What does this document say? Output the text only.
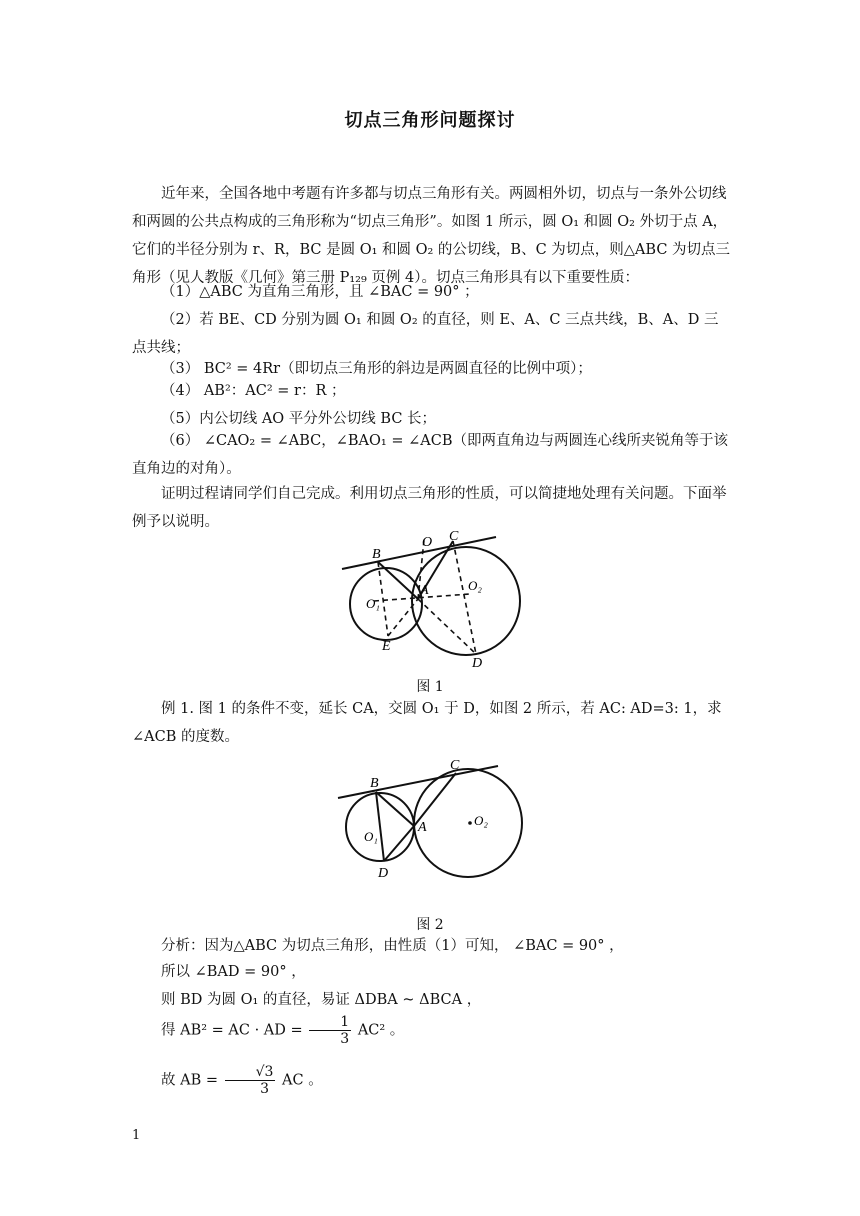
切点三角形问题探讨
近年来，全国各地中考题有许多都与切点三角形有关。两圆相外切，切点与一条外公切线和两圆的公共点构成的三角形称为“切点三角形”。如图 1 所示，圆 O₁ 和圆 O₂ 外切于点 A，它们的半径分别为 r、R，BC 是圆 O₁ 和圆 O₂ 的公切线，B、C 为切点，则△ABC 为切点三角形（见人教版《几何》第三册 P₁₂₉ 页例 4）。切点三角形具有以下重要性质：
（1）△ABC 为直角三角形，且 ∠BAC = 90° ；
（2）若 BE、CD 分别为圆 O₁ 和圆 O₂ 的直径，则 E、A、C 三点共线，B、A、D 三点共线；
（3） BC² = 4Rr（即切点三角形的斜边是两圆直径的比例中项）；
（4） AB²：AC² = r：R ；
（5）内公切线 AO 平分外公切线 BC 长；
（6） ∠CAO₂ = ∠ABC，∠BAO₁ = ∠ACB（即两直角边与两圆连心线所夹锐角等于该直角边的对角）。
证明过程请同学们自己完成。利用切点三角形的性质，可以简捷地处理有关问题。下面举例予以说明。
B
O C
O₂
O₁
A
E
D
图 1
例 1. 图 1 的条件不变，延长 CA，交圆 O₁ 于 D，如图 2 所示，若 AC: AD=3: 1，求 ∠ACB 的度数。
B
C
O₁
A	O₂
D
图 2
分析：因为△ABC 为切点三角形，由性质（1）可知， ∠BAC = 90° ，
所以 ∠BAD = 90° ，
则 BD 为圆 O₁ 的直径，易证 ΔDBA ~ ΔBCA ，
得 AB² = AC · AD = $\frac{1}{3} AC^2$ 。
故 AB = $\frac{√3}{3}$ AC 。
1
